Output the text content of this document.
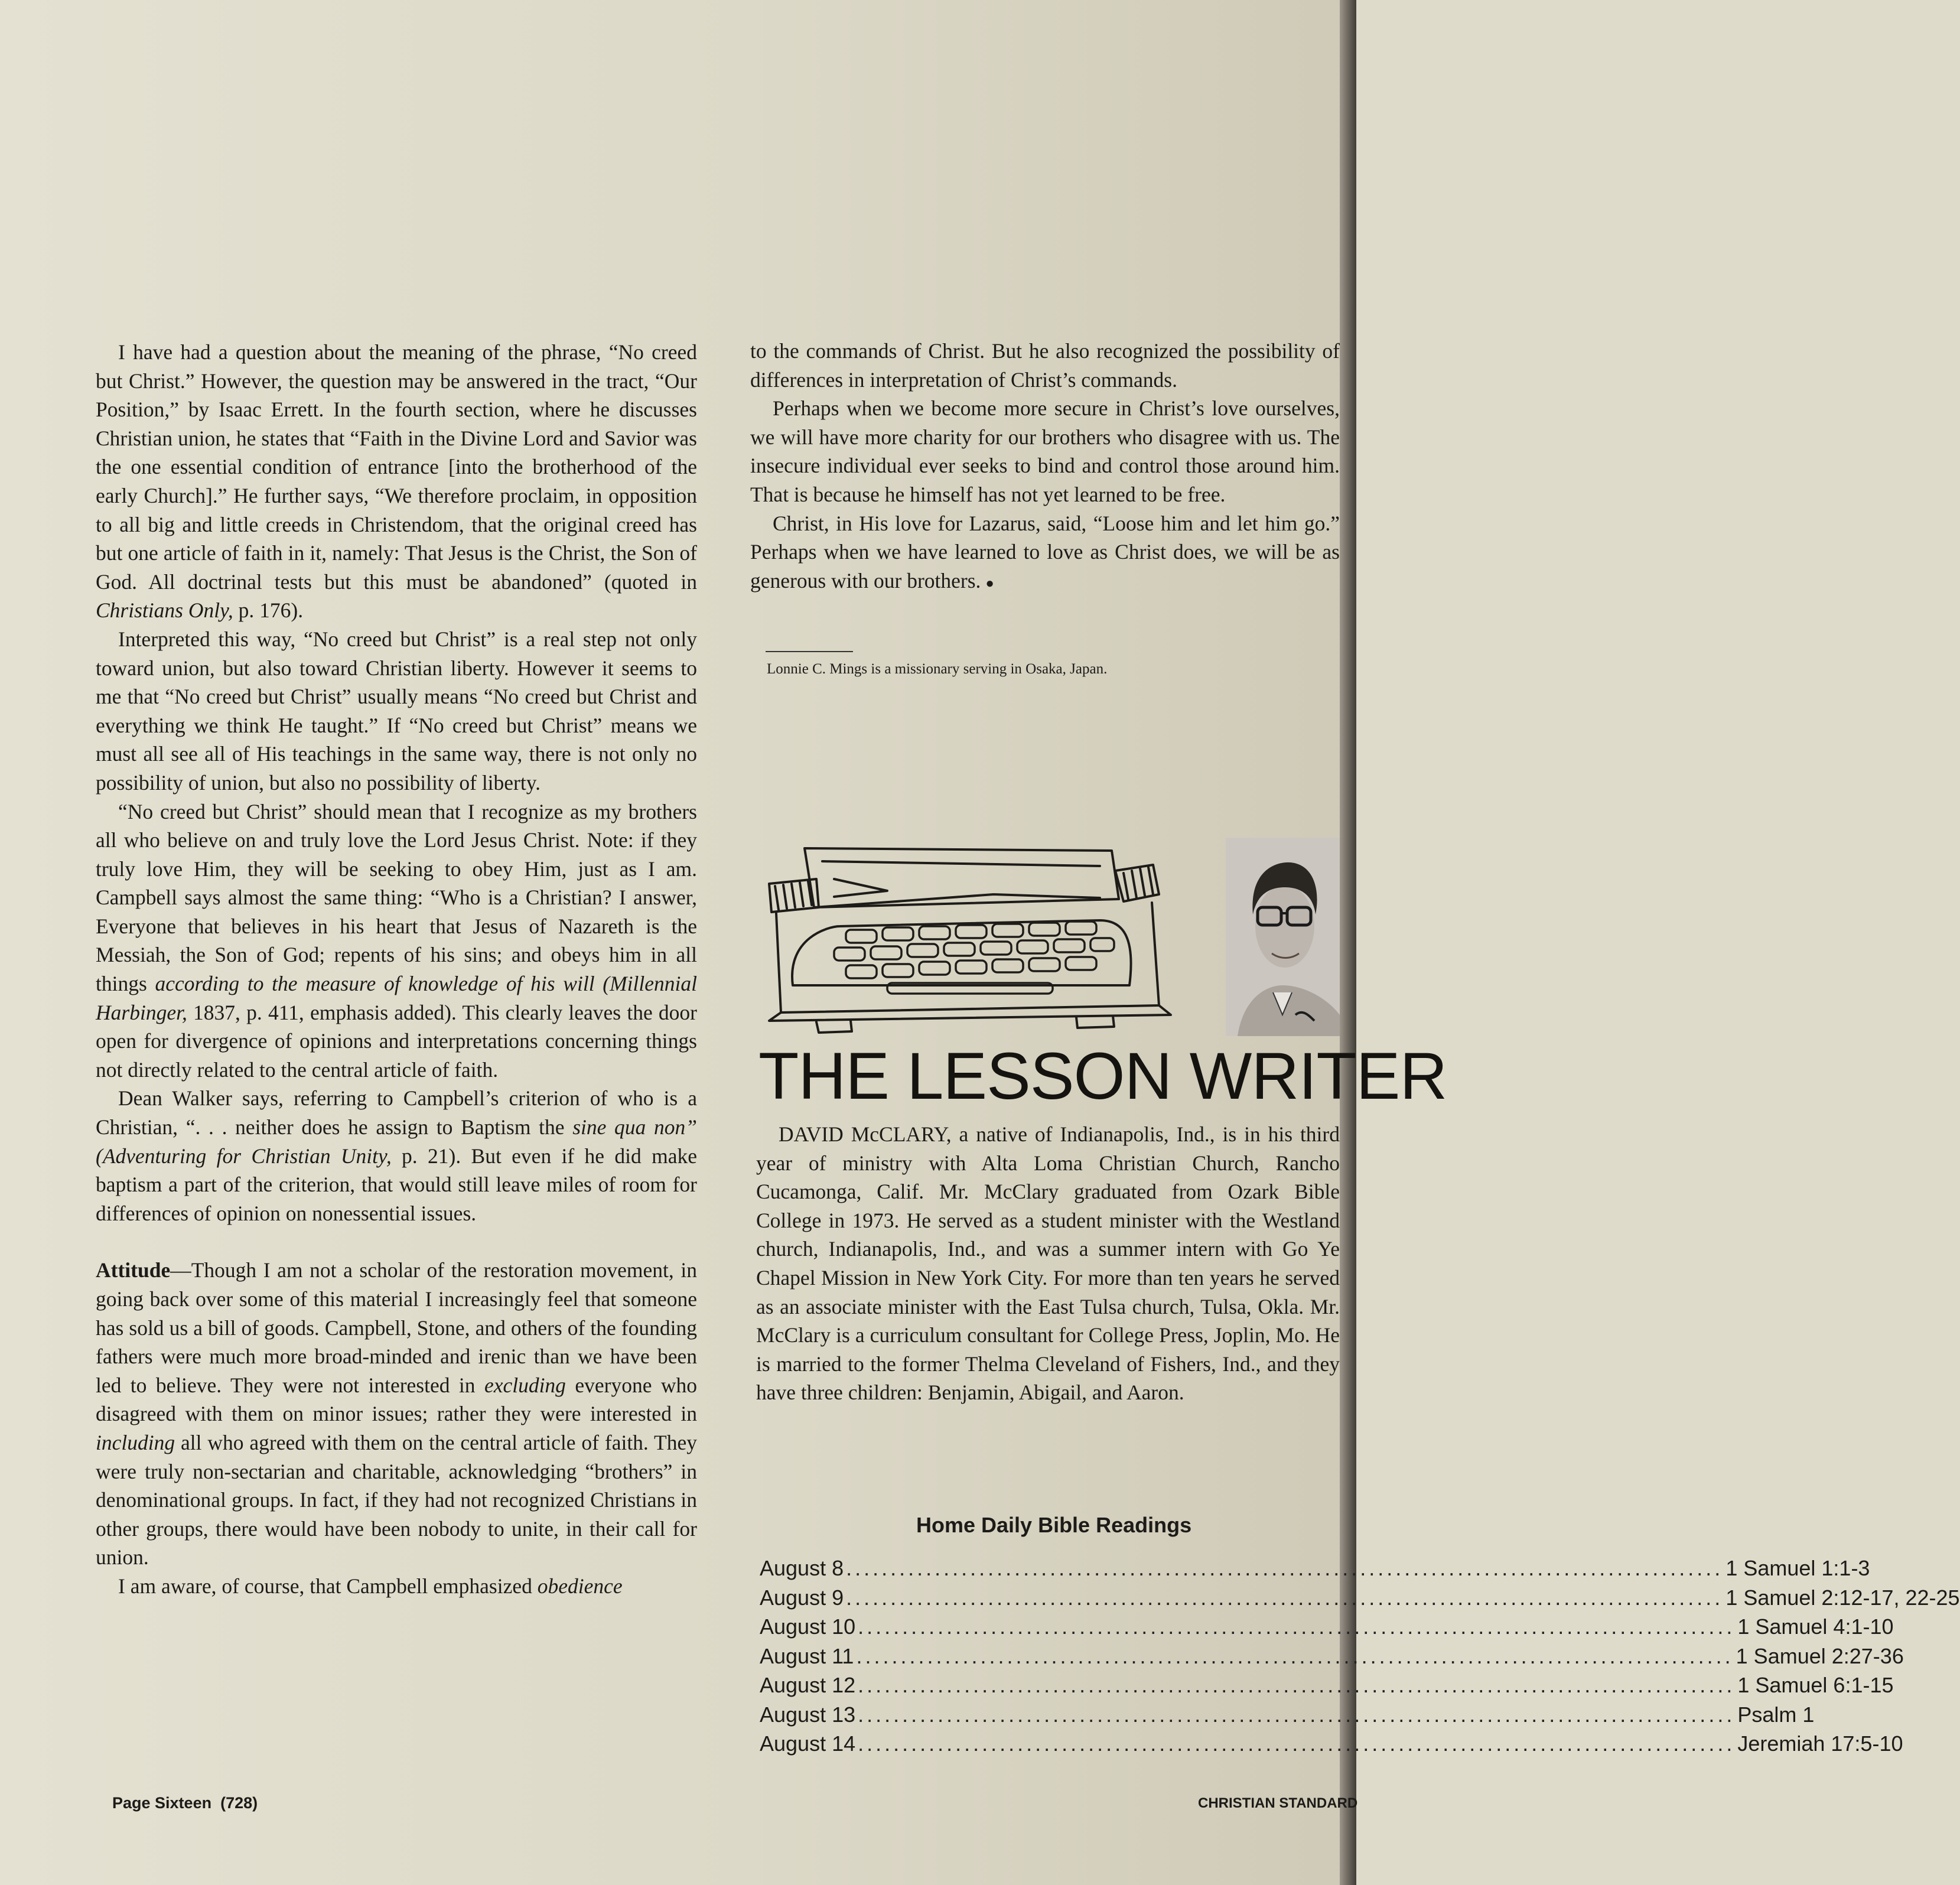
I have had a question about the meaning of the phrase, “No creed but Christ.” However, the question may be answered in the tract, “Our Position,” by Isaac Errett. In the fourth section, where he discusses Christian union, he states that “Faith in the Divine Lord and Savior was the one essential condition of entrance [into the brotherhood of the early Church].” He further says, “We therefore proclaim, in opposition to all big and little creeds in Christendom, that the original creed has but one article of faith in it, namely: That Jesus is the Christ, the Son of God. All doctrinal tests but this must be abandoned” (quoted in Christians Only, p. 176).

Interpreted this way, “No creed but Christ” is a real step not only toward union, but also toward Christian liberty. However it seems to me that “No creed but Christ” usually means “No creed but Christ and everything we think He taught.” If “No creed but Christ” means we must all see all of His teachings in the same way, there is not only no possibility of union, but also no possibility of liberty.

“No creed but Christ” should mean that I recognize as my brothers all who believe on and truly love the Lord Jesus Christ. Note: if they truly love Him, they will be seeking to obey Him, just as I am. Campbell says almost the same thing: “Who is a Christian? I answer, Everyone that believes in his heart that Jesus of Nazareth is the Messiah, the Son of God; repents of his sins; and obeys him in all things according to the measure of knowledge of his will (Millennial Harbinger, 1837, p. 411, emphasis added). This clearly leaves the door open for divergence of opinions and interpretations concerning things not directly related to the central article of faith.

Dean Walker says, referring to Campbell’s criterion of who is a Christian, “. . . neither does he assign to Baptism the sine qua non” (Adventuring for Christian Unity, p. 21). But even if he did make baptism a part of the criterion, that would still leave miles of room for differences of opinion on nonessential issues.

Attitude—Though I am not a scholar of the restoration movement, in going back over some of this material I increasingly feel that someone has sold us a bill of goods. Campbell, Stone, and others of the founding fathers were much more broad-minded and irenic than we have been led to believe. They were not interested in excluding everyone who disagreed with them on minor issues; rather they were interested in including all who agreed with them on the central article of faith. They were truly non-sectarian and charitable, acknowledging “brothers” in denominational groups. In fact, if they had not recognized Christians in other groups, there would have been nobody to unite, in their call for union.

I am aware, of course, that Campbell emphasized obedience

to the commands of Christ. But he also recognized the possibility of differences in interpretation of Christ’s commands.

Perhaps when we become more secure in Christ’s love ourselves, we will have more charity for our brothers who disagree with us. The insecure individual ever seeks to bind and control those around him. That is because he himself has not yet learned to be free.

Christ, in His love for Lazarus, said, “Loose him and let him go.” Perhaps when we have learned to love as Christ does, we will be as generous with our brothers. ●

Lonnie C. Mings is a missionary serving in Osaka, Japan.
THE LESSON WRITER

DAVID McCLARY, a native of Indianapolis, Ind., is in his third year of ministry with Alta Loma Christian Church, Rancho Cucamonga, Calif. Mr. McClary graduated from Ozark Bible College in 1973. He served as a student minister with the Westland church, Indianapolis, Ind., and was a summer intern with Go Ye Chapel Mission in New York City. For more than ten years he served as an associate minister with the East Tulsa church, Tulsa, Okla. Mr. McClary is a curriculum consultant for College Press, Joplin, Mo. He is married to the former Thelma Cleveland of Fishers, Ind., and they have three children: Benjamin, Abigail, and Aaron.

Home Daily Bible Readings
August 8 ................................................................................................... 1 Samuel 1:1-3
August 9 ................................................................................................... 1 Samuel 2:12-17, 22-25
August 10 ................................................................................................... 1 Samuel 4:1-10
August 11 ................................................................................................... 1 Samuel 2:27-36
August 12 ................................................................................................... 1 Samuel 6:1-15
August 13 ................................................................................................... Psalm 1
August 14 ................................................................................................... Jeremiah 17:5-10
Page Sixteen (728)	CHRISTIAN STANDARD
